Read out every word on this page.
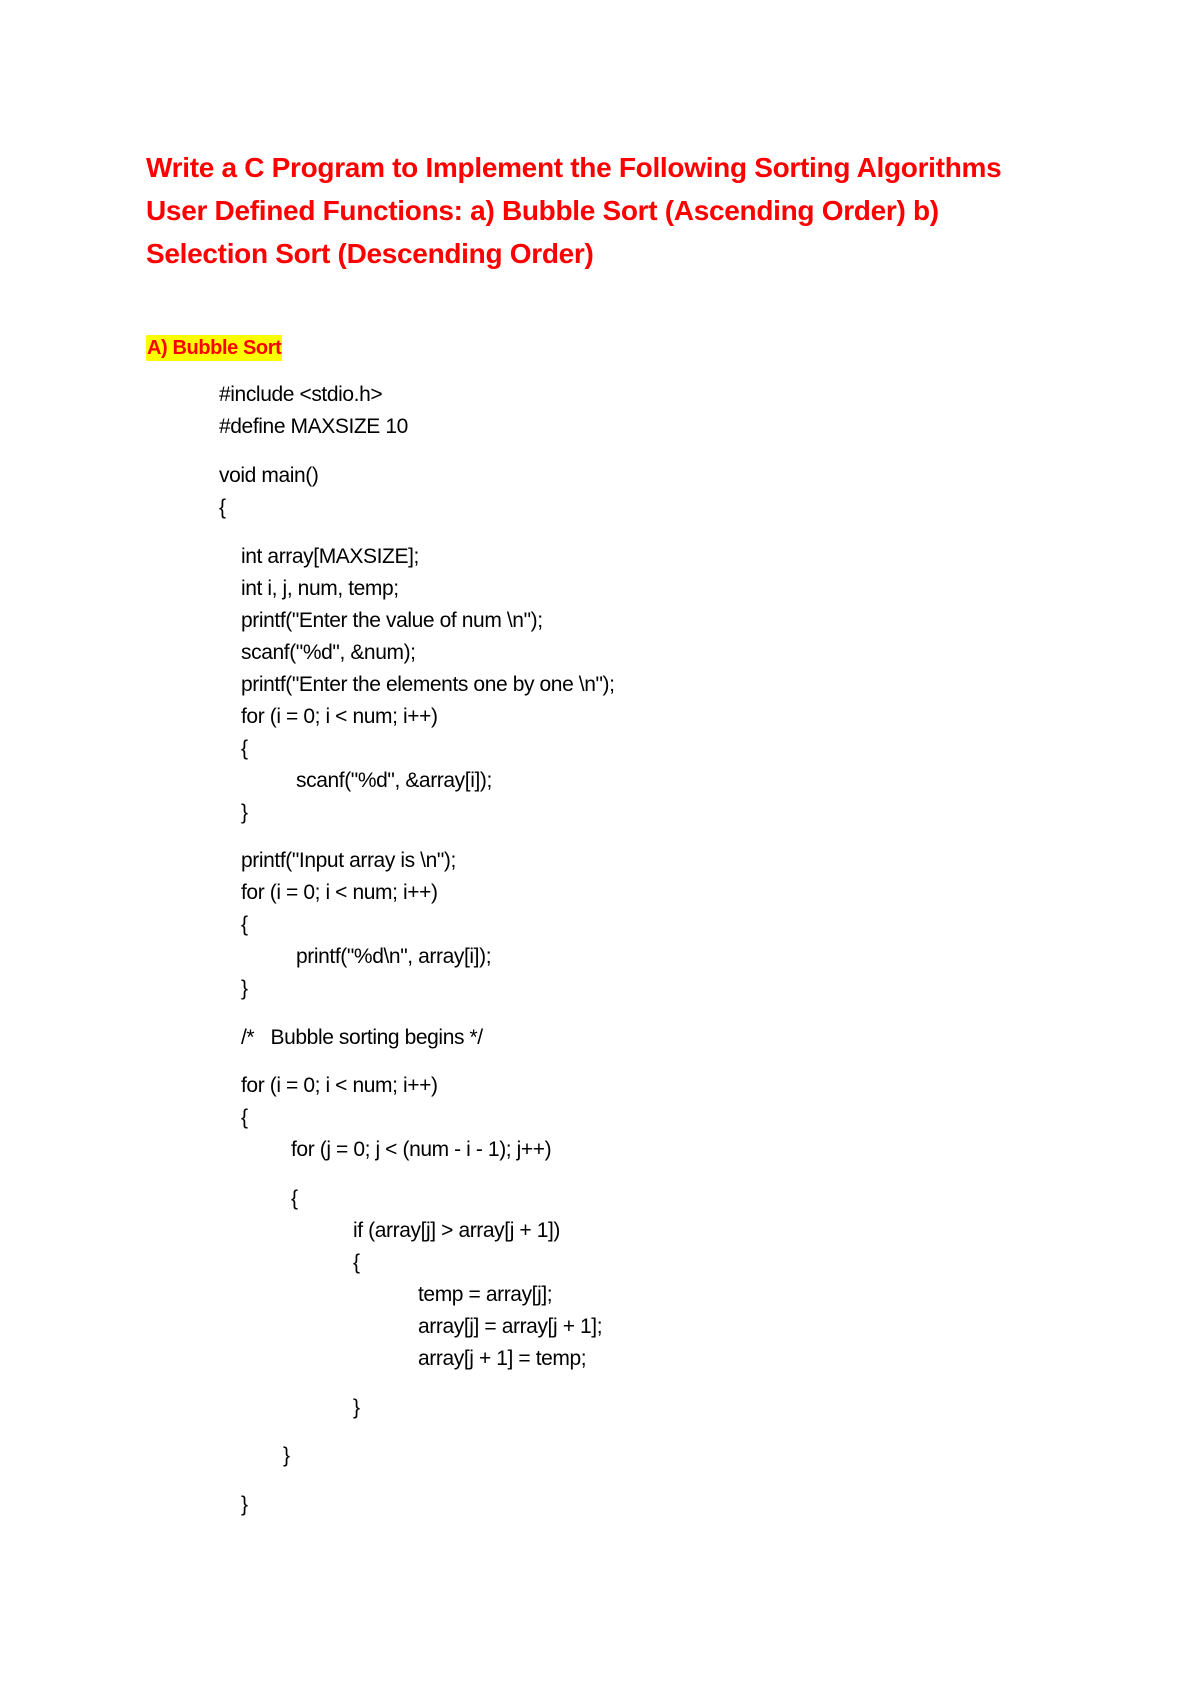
Write a C Program to Implement the Following Sorting Algorithms User Defined Functions: a) Bubble Sort (Ascending Order) b) Selection Sort (Descending Order)
A) Bubble Sort
#include <stdio.h>
#define MAXSIZE 10
void main()
{
int array[MAXSIZE];
int i, j, num, temp;
printf("Enter the value of num \n");
scanf("%d", &num);
printf("Enter the elements one by one \n");
for (i = 0; i < num; i++)
{
scanf("%d", &array[i]);
}
printf("Input array is \n");
for (i = 0; i < num; i++)
{
printf("%d\n", array[i]);
}
/*   Bubble sorting begins */
for (i = 0; i < num; i++)
{
for (j = 0; j < (num - i - 1); j++)
{
if (array[j] > array[j + 1])
{
temp = array[j];
array[j] = array[j + 1];
array[j + 1] = temp;
}
}
}
